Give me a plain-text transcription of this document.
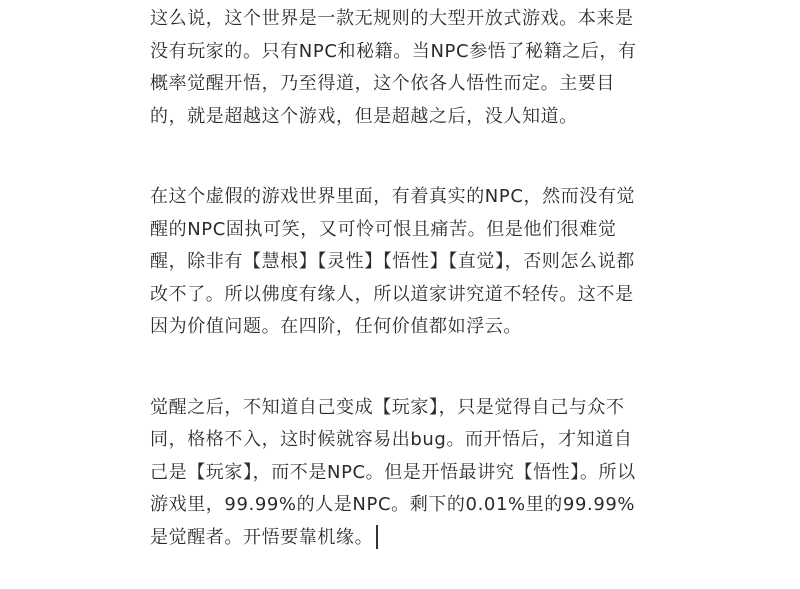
这么说，这个世界是一款无规则的大型开放式游戏。本来是没有玩家的。只有NPC和秘籍。当NPC参悟了秘籍之后，有概率觉醒开悟，乃至得道，这个依各人悟性而定。主要目的，就是超越这个游戏，但是超越之后，没人知道。

在这个虚假的游戏世界里面，有着真实的NPC，然而没有觉醒的NPC固执可笑，又可怜可恨且痛苦。但是他们很难觉醒，除非有【慧根】【灵性】【悟性】【直觉】，否则怎么说都改不了。所以佛度有缘人，所以道家讲究道不轻传。这不是因为价值问题。在四阶，任何价值都如浮云。

觉醒之后，不知道自己变成【玩家】，只是觉得自己与众不同，格格不入，这时候就容易出bug。而开悟后，才知道自己是【玩家】，而不是NPC。但是开悟最讲究【悟性】。所以游戏里，99.99%的人是NPC。剩下的0.01%里的99.99%是觉醒者。开悟要靠机缘。
